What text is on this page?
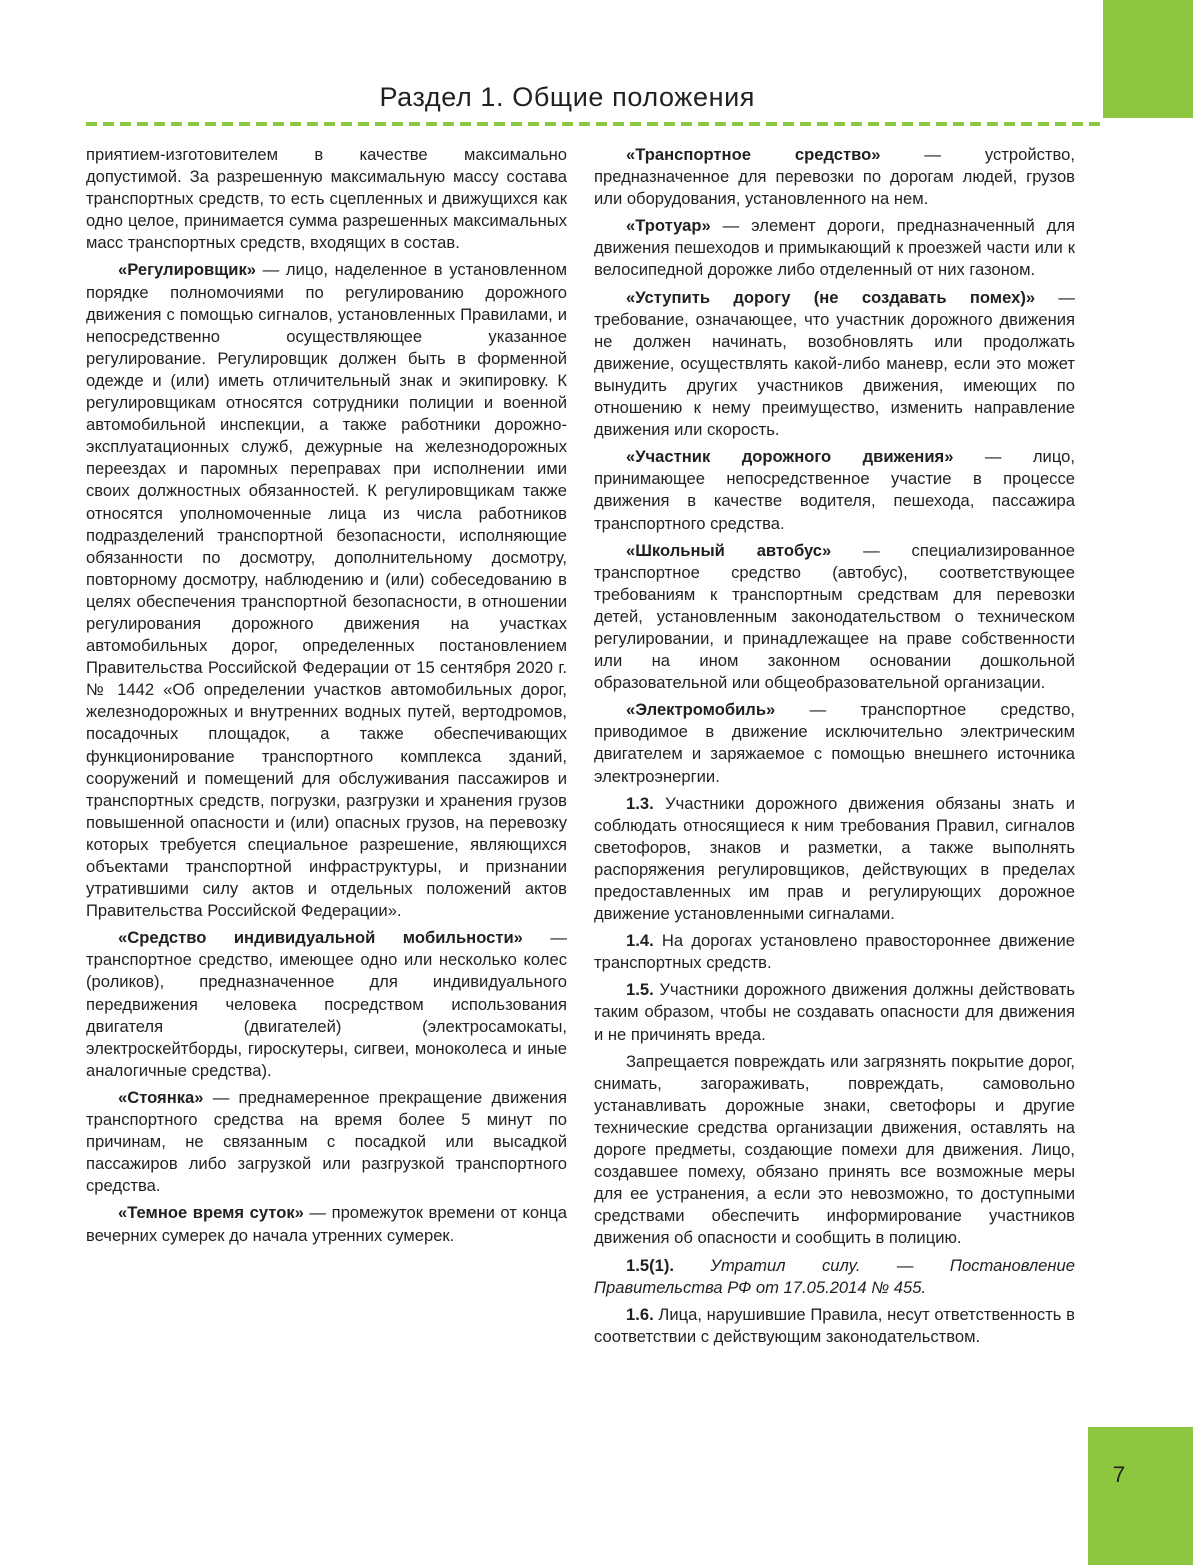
Раздел 1. Общие положения

приятием-изготовителем в качестве максимально допустимой. За разрешенную максимальную массу состава транспортных средств, то есть сцепленных и движущихся как одно целое, принимается сумма разрешенных максимальных масс транспортных средств, входящих в состав.

«Регулировщик» — лицо, наделенное в установленном порядке полномочиями по регулированию дорожного движения с помощью сигналов, установленных Правилами, и непосредственно осуществляющее указанное регулирование. Регулировщик должен быть в форменной одежде и (или) иметь отличительный знак и экипировку. К регулировщикам относятся сотрудники полиции и военной автомобильной инспекции, а также работники дорожно-эксплуатационных служб, дежурные на железнодорожных переездах и паромных переправах при исполнении ими своих должностных обязанностей. К регулировщикам также относятся уполномоченные лица из числа работников подразделений транспортной безопасности, исполняющие обязанности по досмотру, дополнительному досмотру, повторному досмотру, наблюдению и (или) собеседованию в целях обеспечения транспортной безопасности, в отношении регулирования дорожного движения на участках автомобильных дорог, определенных постановлением Правительства Российской Федерации от 15 сентября 2020 г. № 1442 «Об определении участков автомобильных дорог, железнодорожных и внутренних водных путей, вертодромов, посадочных площадок, а также обеспечивающих функционирование транспортного комплекса зданий, сооружений и помещений для обслуживания пассажиров и транспортных средств, погрузки, разгрузки и хранения грузов повышенной опасности и (или) опасных грузов, на перевозку которых требуется специальное разрешение, являющихся объектами транспортной инфраструктуры, и признании утратившими силу актов и отдельных положений актов Правительства Российской Федерации».

«Средство индивидуальной мобильности» — транспортное средство, имеющее одно или несколько колес (роликов), предназначенное для индивидуального передвижения человека посредством использования двигателя (двигателей) (электросамокаты, электроскейтборды, гироскутеры, сигвеи, моноколеса и иные аналогичные средства).

«Стоянка» — преднамеренное прекращение движения транспортного средства на время более 5 минут по причинам, не связанным с посадкой или высадкой пассажиров либо загрузкой или разгрузкой транспортного средства.

«Темное время суток» — промежуток времени от конца вечерних сумерек до начала утренних сумерек.

«Транспортное средство» — устройство, предназначенное для перевозки по дорогам людей, грузов или оборудования, установленного на нем.

«Тротуар» — элемент дороги, предназначенный для движения пешеходов и примыкающий к проезжей части или к велосипедной дорожке либо отделенный от них газоном.

«Уступить дорогу (не создавать помех)» — требование, означающее, что участник дорожного движения не должен начинать, возобновлять или продолжать движение, осуществлять какой-либо маневр, если это может вынудить других участников движения, имеющих по отношению к нему преимущество, изменить направление движения или скорость.

«Участник дорожного движения» — лицо, принимающее непосредственное участие в процессе движения в качестве водителя, пешехода, пассажира транспортного средства.

«Школьный автобус» — специализированное транспортное средство (автобус), соответствующее требованиям к транспортным средствам для перевозки детей, установленным законодательством о техническом регулировании, и принадлежащее на праве собственности или на ином законном основании дошкольной образовательной или общеобразовательной организации.

«Электромобиль» — транспортное средство, приводимое в движение исключительно электрическим двигателем и заряжаемое с помощью внешнего источника электроэнергии.

1.3. Участники дорожного движения обязаны знать и соблюдать относящиеся к ним требования Правил, сигналов светофоров, знаков и разметки, а также выполнять распоряжения регулировщиков, действующих в пределах предоставленных им прав и регулирующих дорожное движение установленными сигналами.

1.4. На дорогах установлено правостороннее движение транспортных средств.

1.5. Участники дорожного движения должны действовать таким образом, чтобы не создавать опасности для движения и не причинять вреда.

Запрещается повреждать или загрязнять покрытие дорог, снимать, загораживать, повреждать, самовольно устанавливать дорожные знаки, светофоры и другие технические средства организации движения, оставлять на дороге предметы, создающие помехи для движения. Лицо, создавшее помеху, обязано принять все возможные меры для ее устранения, а если это невозможно, то доступными средствами обеспечить информирование участников движения об опасности и сообщить в полицию.

1.5(1). Утратил силу. — Постановление Правительства РФ от 17.05.2014 № 455.

1.6. Лица, нарушившие Правила, несут ответственность в соответствии с действующим законодательством.

7
